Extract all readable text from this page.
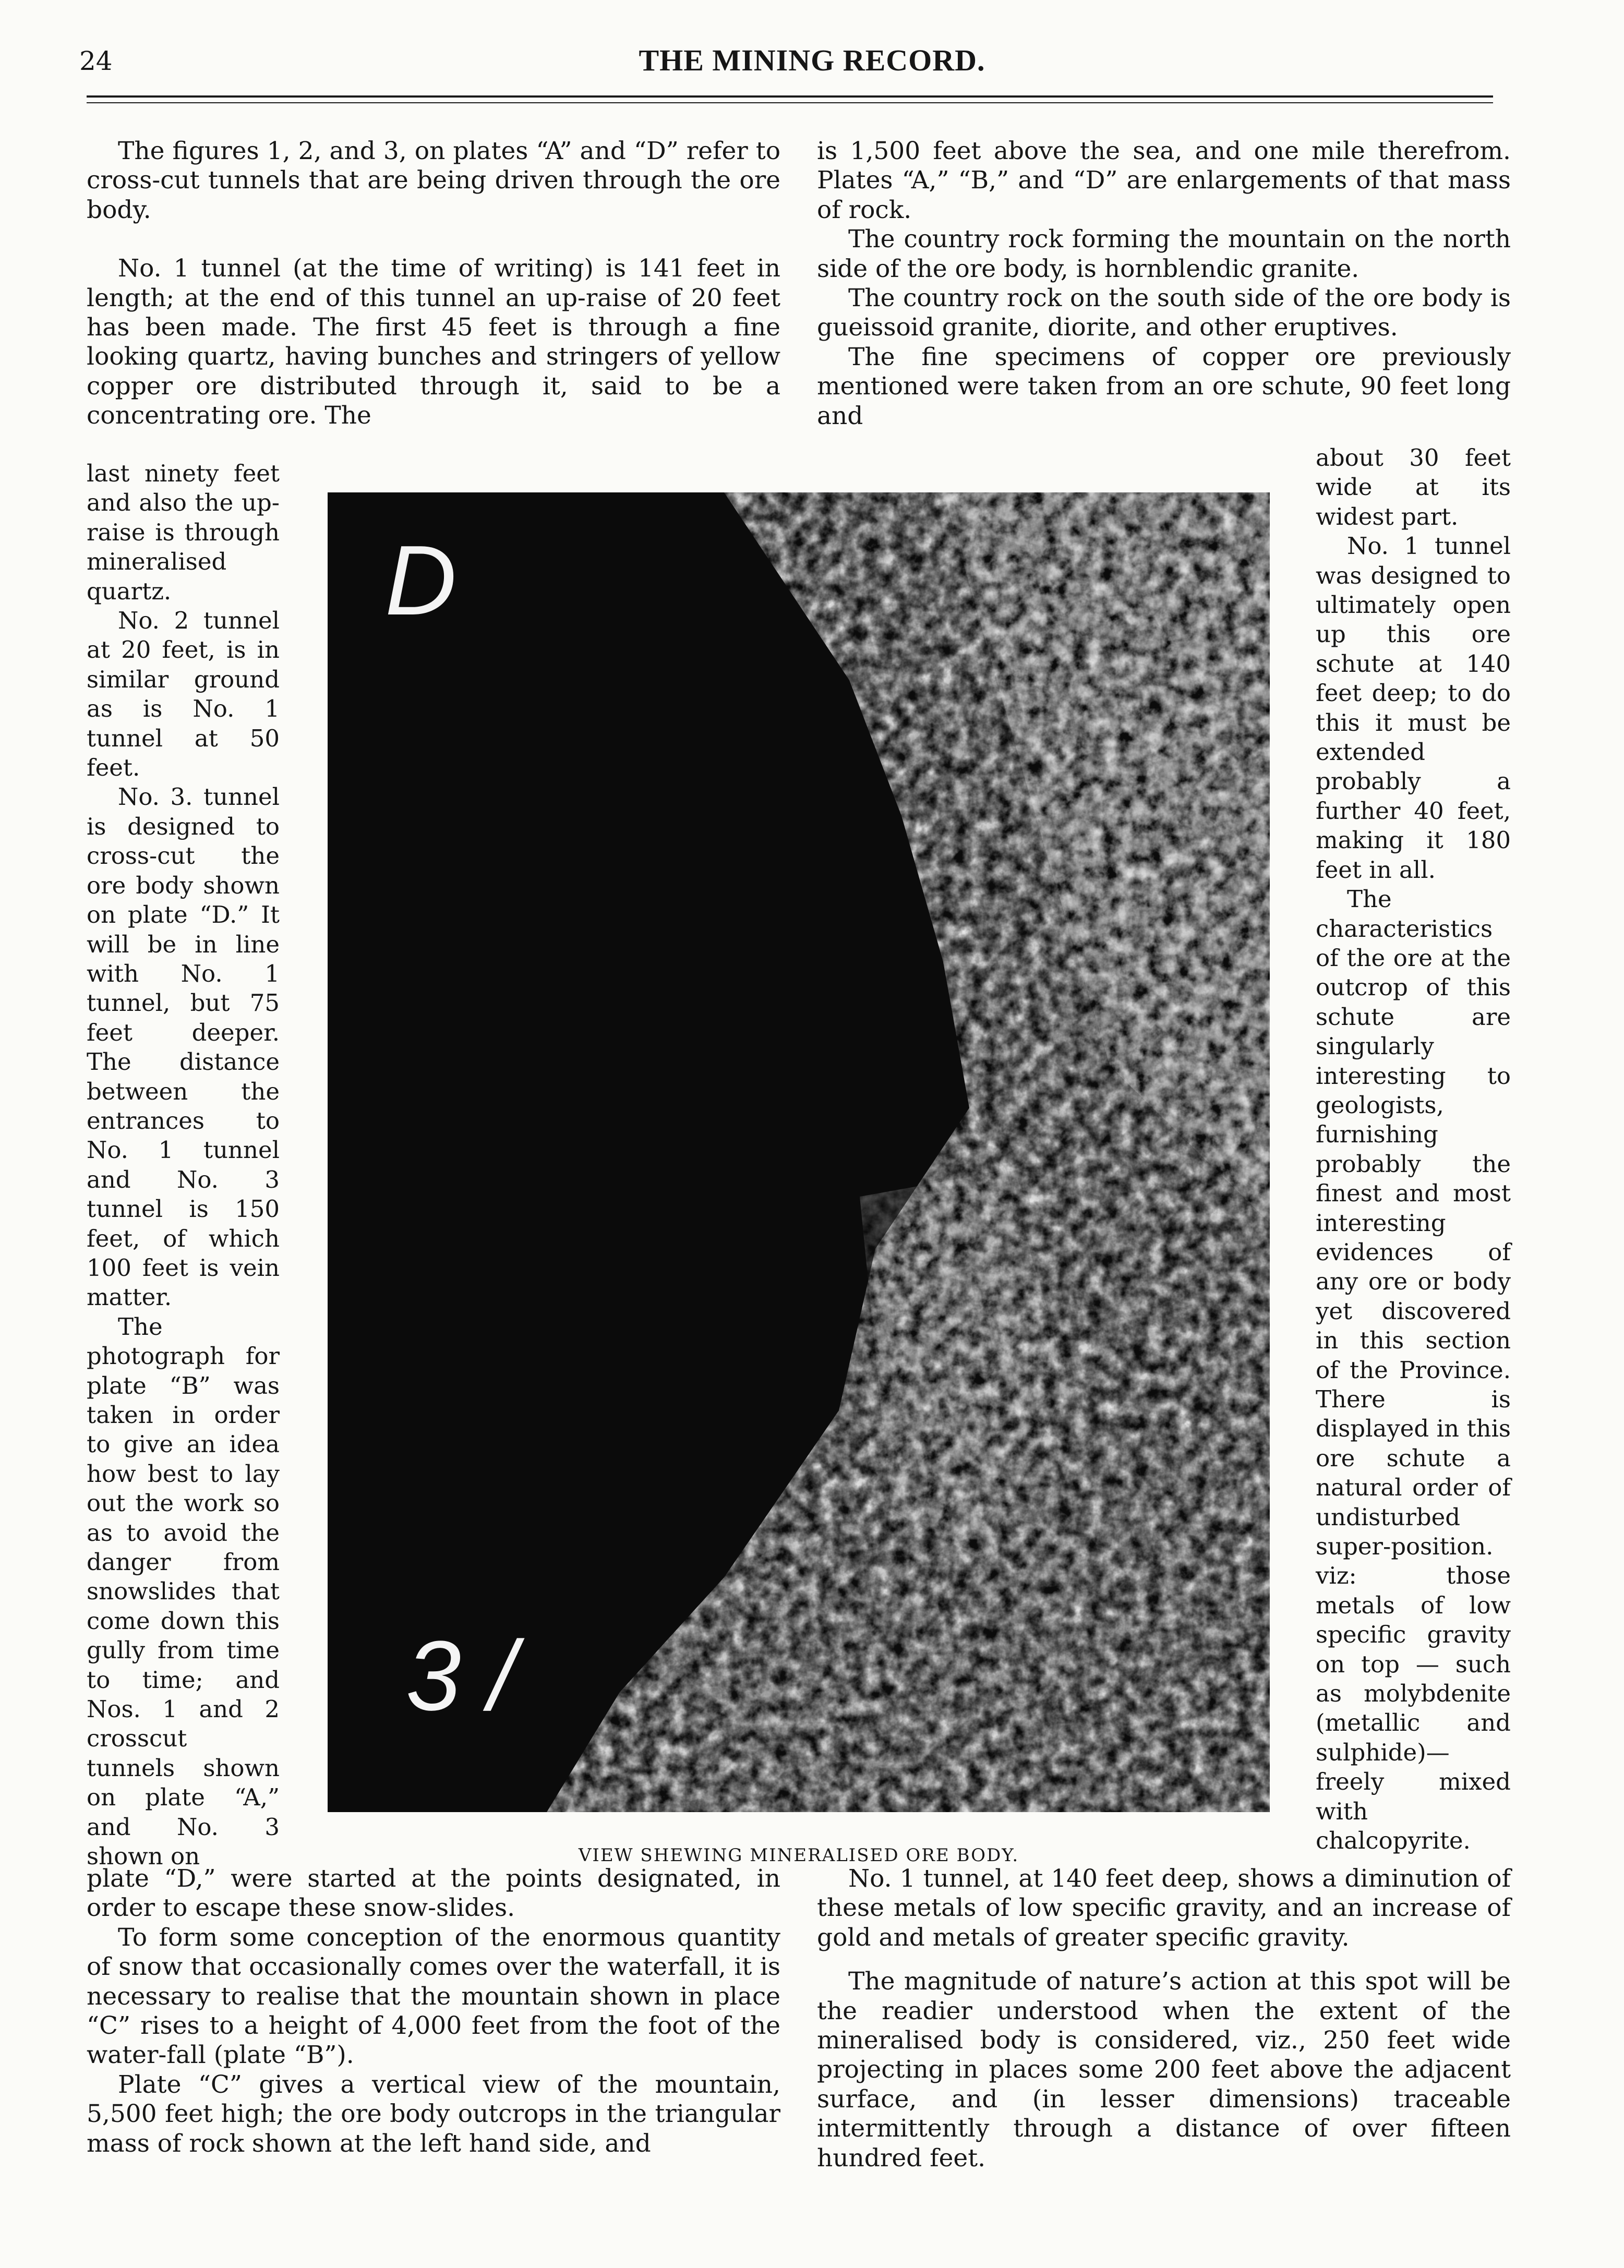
24	THE MINING RECORD.

The figures 1, 2, and 3, on plates “A” and “D” refer to cross-cut tunnels that are being driven through the ore body.

No. 1 tunnel (at the time of writing) is 141 feet in length; at the end of this tunnel an up-raise of 20 feet has been made. The first 45 feet is through a fine looking quartz, having bunches and stringers of yellow copper ore distributed through it, said to be a concentrating ore. The

last ninety feet and also the up-raise is through mineralised quartz.

No. 2 tunnel at 20 feet, is in similar ground as is No. 1 tunnel at 50 feet.

No. 3. tunnel is designed to cross-cut the ore body shown on plate “D.” It will be in line with No. 1 tunnel, but 75 feet deeper. The distance between the entrances to No. 1 tunnel and No. 3 tunnel is 150 feet, of which 100 feet is vein matter.

The photograph for plate “B” was taken in order to give an idea how best to lay out the work so as to avoid the danger from snowslides that come down this gully from time to time; and Nos. 1 and 2 crosscut tunnels shown on plate “A,” and No. 3 shown on

plate “D,” were started at the points designated, in order to escape these snow-slides.

To form some conception of the enormous quantity of snow that occasionally comes over the waterfall, it is necessary to realise that the mountain shown in place “C” rises to a height of 4,000 feet from the foot of the water-fall (plate “B”).

Plate “C” gives a vertical view of the mountain, 5,500 feet high; the ore body outcrops in the triangular mass of rock shown at the left hand side, and

is 1,500 feet above the sea, and one mile therefrom. Plates “A,” “B,” and “D” are enlargements of that mass of rock.

The country rock forming the mountain on the north side of the ore body, is hornblendic granite.

The country rock on the south side of the ore body is gueissoid granite, diorite, and other eruptives.

The fine specimens of copper ore previously mentioned were taken from an ore schute, 90 feet long and

about 30 feet wide at its widest part.

No. 1 tunnel was designed to ultimately open up this ore schute at 140 feet deep; to do this it must be extended probably a further 40 feet, making it 180 feet in all.

The characteristics of the ore at the outcrop of this schute are singularly interesting to geologists, furnishing probably the finest and most interesting evidences of any ore or body yet discovered in this section of the Province. There is displayed in this ore schute a natural order of undisturbed super-position. viz: those metals of low specific gravity on top — such as molybdenite (metallic and sulphide)—freely mixed with chalcopyrite.

No. 1 tunnel, at 140 feet deep, shows a diminution of these metals of low specific gravity, and an increase of gold and metals of greater specific gravity.

The magnitude of nature’s action at this spot will be the readier understood when the extent of the mineralised body is considered, viz., 250 feet wide projecting in places some 200 feet above the adjacent surface, and (in lesser dimensions) traceable intermittently through a distance of over fifteen hundred feet.

D
3 /
VIEW SHEWING MINERALISED ORE BODY.
